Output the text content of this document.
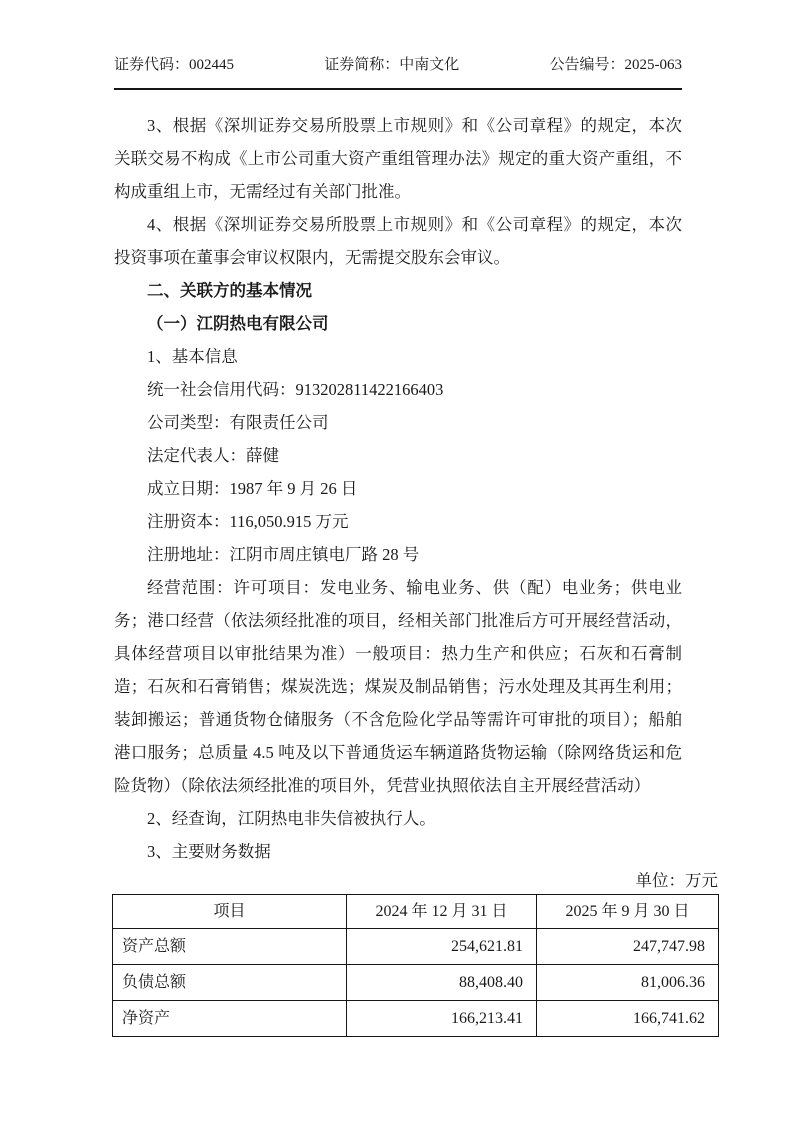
证券代码：002445	证券简称：中南文化	公告编号：2025-063

3、根据《深圳证券交易所股票上市规则》和《公司章程》的规定，本次关联交易不构成《上市公司重大资产重组管理办法》规定的重大资产重组，不构成重组上市，无需经过有关部门批准。

4、根据《深圳证券交易所股票上市规则》和《公司章程》的规定，本次投资事项在董事会审议权限内，无需提交股东会审议。

二、关联方的基本情况

（一）江阴热电有限公司

1、基本信息

统一社会信用代码：913202811422166403

公司类型：有限责任公司

法定代表人：薛健

成立日期：1987 年 9 月 26 日

注册资本：116,050.915 万元

注册地址：江阴市周庄镇电厂路 28 号

经营范围：许可项目：发电业务、输电业务、供（配）电业务；供电业务；港口经营（依法须经批准的项目，经相关部门批准后方可开展经营活动，具体经营项目以审批结果为准）一般项目：热力生产和供应；石灰和石膏制造；石灰和石膏销售；煤炭洗选；煤炭及制品销售；污水处理及其再生利用；装卸搬运；普通货物仓储服务（不含危险化学品等需许可审批的项目）；船舶港口服务；总质量 4.5 吨及以下普通货运车辆道路货物运输（除网络货运和危险货物）（除依法须经批准的项目外，凭营业执照依法自主开展经营活动）

2、经查询，江阴热电非失信被执行人。

3、主要财务数据

单位：万元

项目	2024 年 12 月 31 日	2025 年 9 月 30 日
资产总额	254,621.81	247,747.98
负债总额	88,408.40	81,006.36
净资产	166,213.41	166,741.62
